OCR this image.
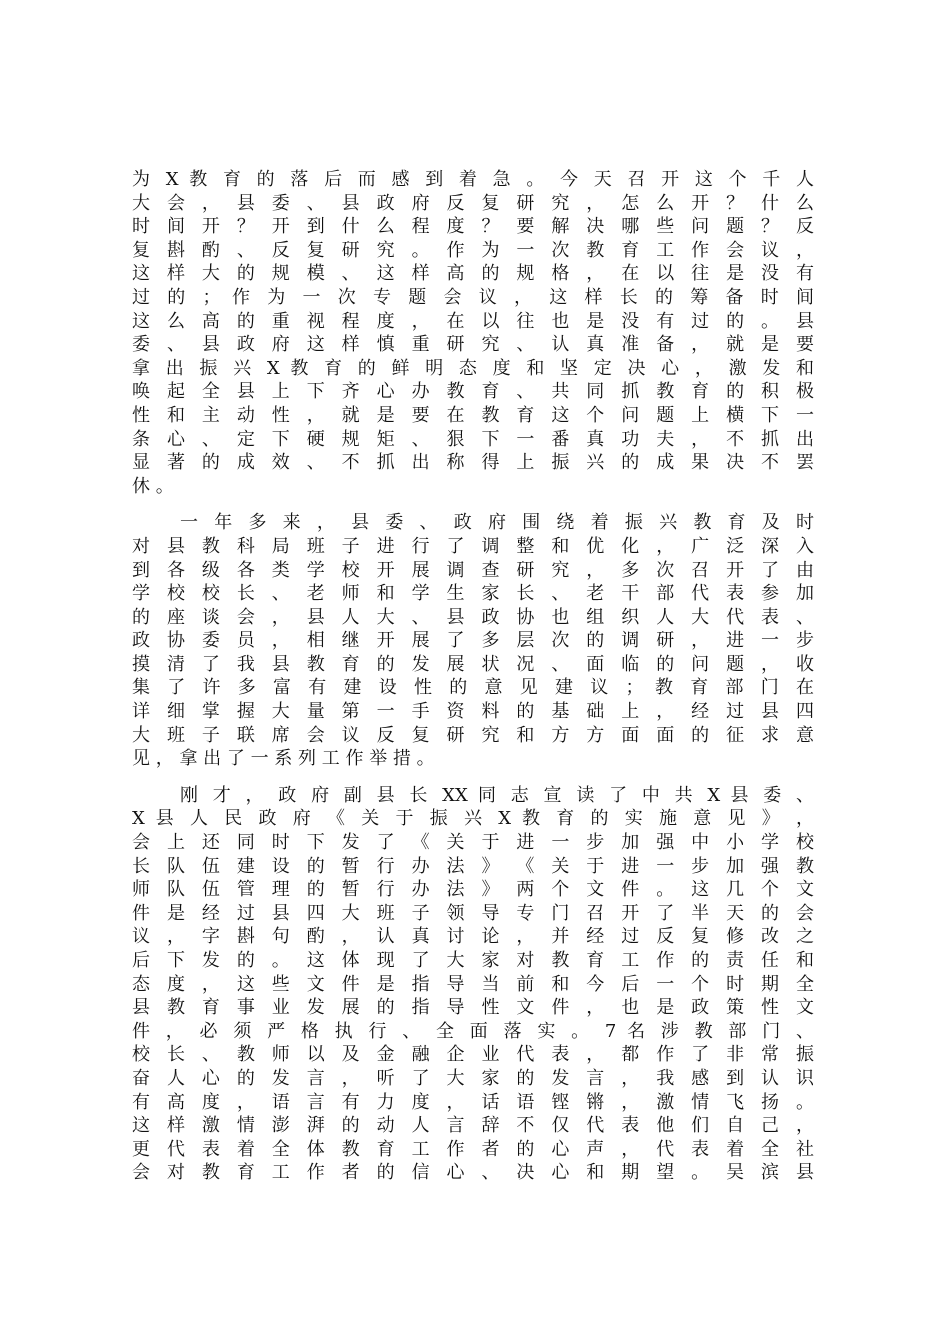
为 X 教 育 的 落 后 而 感 到 着 急 。 今 天 召 开 这 个 千 人
大 会 ， 县 委 、 县 政 府 反 复 研 究 ， 怎 么 开 ？ 什 么
时 间 开 ？ 开 到 什 么 程 度 ？ 要 解 决 哪 些 问 题 ？ 反
复 斟 酌 、 反 复 研 究 。 作 为 一 次 教 育 工 作 会 议 ，
这 样 大 的 规 模 、 这 样 高 的 规 格 ， 在 以 往 是 没 有
过 的 ； 作 为 一 次 专 题 会 议 ， 这 样 长 的 筹 备 时 间
这 么 高 的 重 视 程 度 ， 在 以 往 也 是 没 有 过 的 。 县
委 、 县 政 府 这 样 慎 重 研 究 、 认 真 准 备 ， 就 是 要
拿 出 振 兴 X 教 育 的 鲜 明 态 度 和 坚 定 决 心 ， 激 发 和
唤 起 全 县 上 下 齐 心 办 教 育 、 共 同 抓 教 育 的 积 极
性 和 主 动 性 ， 就 是 要 在 教 育 这 个 问 题 上 横 下 一
条 心 、 定 下 硬 规 矩 、 狠 下 一 番 真 功 夫 ， 不 抓 出
显 著 的 成 效 、 不 抓 出 称 得 上 振 兴 的 成 果 决 不 罢
休 。
一 年 多 来 ， 县 委 、 政 府 围 绕 着 振 兴 教 育 及 时
对 县 教 科 局 班 子 进 行 了 调 整 和 优 化 ， 广 泛 深 入
到 各 级 各 类 学 校 开 展 调 查 研 究 ， 多 次 召 开 了 由
学 校 校 长 、 老 师 和 学 生 家 长 、 老 干 部 代 表 参 加
的 座 谈 会 ， 县 人 大 、 县 政 协 也 组 织 人 大 代 表 、
政 协 委 员 ， 相 继 开 展 了 多 层 次 的 调 研 ， 进 一 步
摸 清 了 我 县 教 育 的 发 展 状 况 、 面 临 的 问 题 ， 收
集 了 许 多 富 有 建 设 性 的 意 见 建 议 ； 教 育 部 门 在
详 细 掌 握 大 量 第 一 手 资 料 的 基 础 上 ， 经 过 县 四
大 班 子 联 席 会 议 反 复 研 究 和 方 方 面 面 的 征 求 意
见 ， 拿 出 了 一 系 列 工 作 举 措 。
刚 才 ， 政 府 副 县 长 XX 同 志 宣 读 了 中 共 X 县 委 、
X 县 人 民 政 府 《 关 于 振 兴 X 教 育 的 实 施 意 见 》 ，
会 上 还 同 时 下 发 了 《 关 于 进 一 步 加 强 中 小 学 校
长 队 伍 建 设 的 暂 行 办 法 》 《 关 于 进 一 步 加 强 教
师 队 伍 管 理 的 暂 行 办 法 》 两 个 文 件 。 这 几 个 文
件 是 经 过 县 四 大 班 子 领 导 专 门 召 开 了 半 天 的 会
议 ， 字 斟 句 酌 ， 认 真 讨 论 ， 并 经 过 反 复 修 改 之
后 下 发 的 。 这 体 现 了 大 家 对 教 育 工 作 的 责 任 和
态 度 ， 这 些 文 件 是 指 导 当 前 和 今 后 一 个 时 期 全
县 教 育 事 业 发 展 的 指 导 性 文 件 ， 也 是 政 策 性 文
件 ， 必 须 严 格 执 行 、 全 面 落 实 。 7 名 涉 教 部 门 、
校 长 、 教 师 以 及 金 融 企 业 代 表 ， 都 作 了 非 常 振
奋 人 心 的 发 言 ， 听 了 大 家 的 发 言 ， 我 感 到 认 识
有 高 度 ， 语 言 有 力 度 ， 话 语 铿 锵 ， 激 情 飞 扬 。
这 样 激 情 澎 湃 的 动 人 言 辞 不 仅 代 表 他 们 自 己 ，
更 代 表 着 全 体 教 育 工 作 者 的 心 声 ， 代 表 着 全 社
会 对 教 育 工 作 者 的 信 心 、 决 心 和 期 望 。 吴 滨 县
